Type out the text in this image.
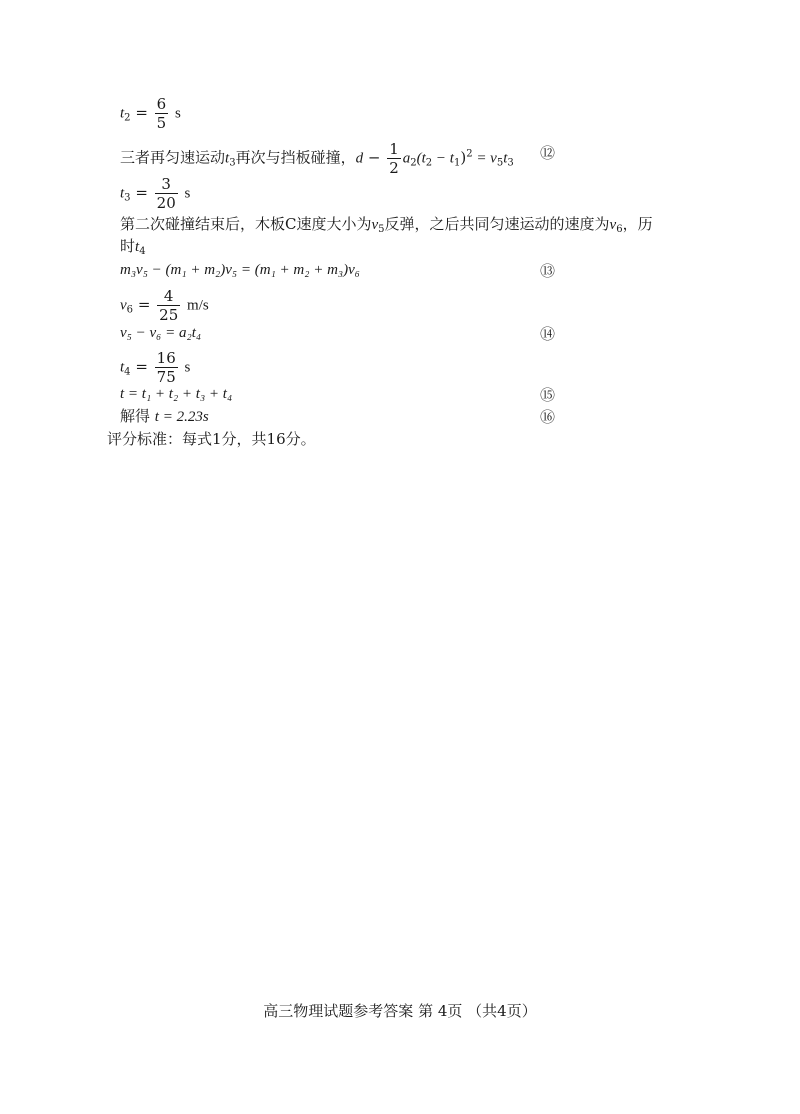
$t_2 = \frac{6}{5}$ s
三者再匀速运动$t_3$再次与挡板碰撞，$d - \frac{1}{2} a_2(t_2 - t_1)^2 = v_5t_3$
⑫
$t_3 = \frac{3}{20}$ s
第二次碰撞结束后，木板C速度大小为$v_5$反弹，之后共同匀速运动的速度为$v_6$，历
时$t_4$
m₃v₅ − (m₁ + m₂)v₅ = (m₁ + m₂ + m₃)v₆	⑬
$v_6 = \frac{4}{25} m/s$
v₅ − v₆ = a₂t₄	⑭
$t_4 = \frac{16}{75}$ s
t = t₁ + t₂ + t₃ + t₄	⑮
解得 t = 2.23s	⑯
评分标准：每式1分，共16分。
高三物理试题参考答案 第 4页 （共4页）
